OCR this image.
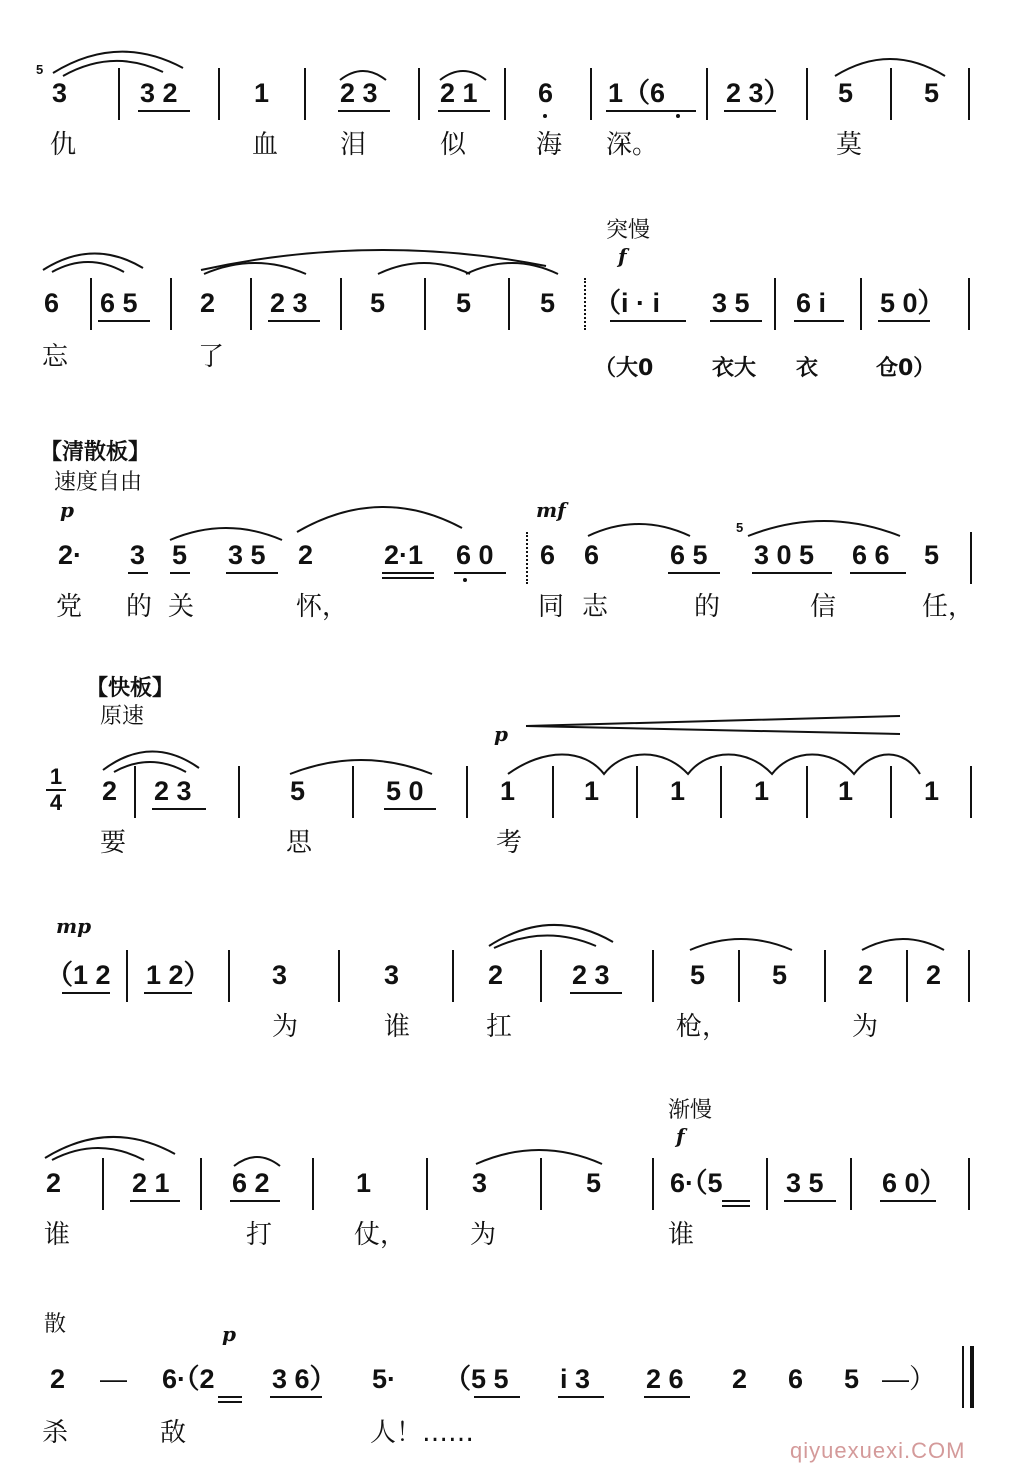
5
3	3 2	1	2 3 2 1 6 1（6 2 3） 5	5
仇	血 泪	似	海 深。	莫
突慢
f
6 6 5 2 2 3 5	5	5 （i · i 3 5 6 i 5 0）
忘	了	（大0	衣大 衣	仓0）
【清散板】
速度自由
p	mf
5
2· 3 5 3 5 2	2·1 6 0 6 6	6 5 3 0 5 6 6 5
党 的 关	怀，	同 志	的	信	任，
【快板】
原速
p
1
4 2 2 3	5	5 0	1	1	1	1	1	1
要	思	考
mp
（1 2 1 2） 3	3	2	2 3	5 5	2 2
为	谁	扛	枪，	为
渐慢
f
2	2 1 6 2	1	3	5	6·（5 3 5 6 0）
谁	打	仗， 为	谁
散	p
2 — 6·（2 3 6） 5· （5 5 i 3 2 6 2 6 5 —）
杀	敌	人！……
qiyuexuexi.COM
